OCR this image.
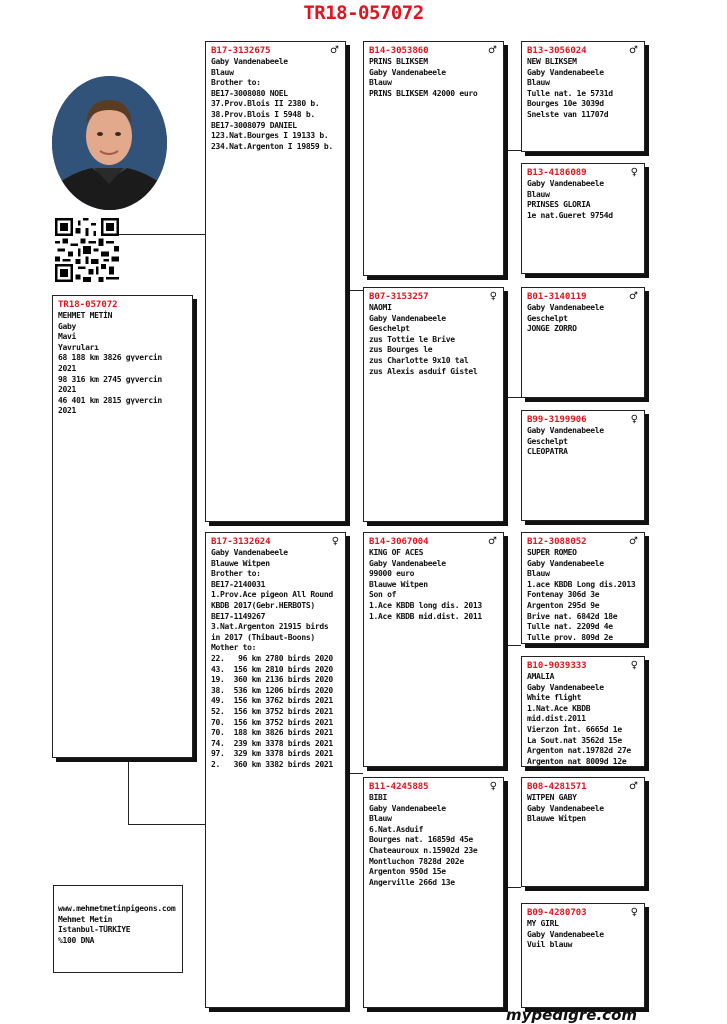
TR18-057072
TR18-057072
MEHMET METİN
Gaby
Mavi
Yavruları
68 188 km 3826 gүvercin
2021
98 316 km 2745 gүvercin
2021
46 401 km 2815 gүvercin
2021
B17-3132675	♂
Gaby Vandenabeele
Blauw
Brother to:
BE17-3008080 NOEL
37.Prov.Blois II 2380 b.
38.Prov.Blois I 5948 b.
BE17-3008079 DANIEL
123.Nat.Bourges I 19133 b.
234.Nat.Argenton I 19859 b.
B17-3132624	♀
Gaby Vandenabeele
Blauwe Witpen
Brother to:
BE17-2140031
1.Prov.Ace pigeon All Round
KBDB 2017(Gebr.HERBOTS)
BE17-1149267
3.Nat.Argenton 21915 birds
in 2017 (Thibaut-Boons)
Mother to:
22.   96 km 2780 birds 2020
43.  156 km 2810 birds 2020
19.  360 km 2136 birds 2020
38.  536 km 1206 birds 2020
49.  156 km 3762 birds 2021
52.  156 km 3752 birds 2021
70.  156 km 3752 birds 2021
70.  188 km 3826 birds 2021
74.  239 km 3378 birds 2021
97.  329 km 3378 birds 2021
2.   360 km 3382 birds 2021
B14-3053860	♂
PRINS BLIKSEM
Gaby Vandenabeele
Blauw
PRINS BLIKSEM 42000 euro
B07-3153257	♀
NAOMI
Gaby Vandenabeele
Geschelpt
zus Tottie le Brive
zus Bourges le
zus Charlotte 9x10 tal
zus Alexis asduif Gistel
B14-3067004	♂
KING OF ACES
Gaby Vandenabeele
99000 euro
Blauwe Witpen
Son of
1.Ace KBDB long dis. 2013
1.Ace KBDB mid.dist. 2011
B11-4245885	♀
BIBI
Gaby Vandenabeele
Blauw
6.Nat.Asduif
Bourges nat. 16859d 45e
Chateauroux n.15902d 23e
Montluchon 7828d 202e
Argenton 950d 15e
Angerville 266d 13e
B13-3056024	♂
NEW BLIKSEM
Gaby Vandenabeele
Blauw
Tulle nat. 1e 5731d
Bourges 10e 3039d
Snelste van 11707d
B13-4186089	♀
Gaby Vandenabeele
Blauw
PRINSES GLORIA
1e nat.Gueret 9754d
B01-3140119	♂
Gaby Vandenabeele
Geschelpt
JONGE ZORRO
B99-3199906	♀
Gaby Vandenabeele
Geschelpt
CLEOPATRA
B12-3088052	♂
SUPER ROMEO
Gaby Vandenabeele
Blauw
1.ace KBDB Long dis.2013
Fontenay 306d 3e
Argenton 295d 9e
Brive nat. 6842d 18e
Tulle nat. 2209d 4e
Tulle prov. 809d 2e
B10-9039333	♀
AMALIA
Gaby Vandenabeele
White flight
1.Nat.Ace KBDB
mid.dist.2011
Vierzon İnt. 6665d 1e
La Sout.nat 3562d 15e
Argenton nat.19782d 27e
Argenton nat 8009d 12e
B08-4281571	♂
WITPEN GABY
Gaby Vandenabeele
Blauwe Witpen
B09-4280703	♀
MY GIRL
Gaby Vandenabeele
Vuil blauw
www.mehmetmetinpigeons.com
Mehmet Metin
Istanbul-TÜRKİYE
%100 DNA
mypedigre.com
